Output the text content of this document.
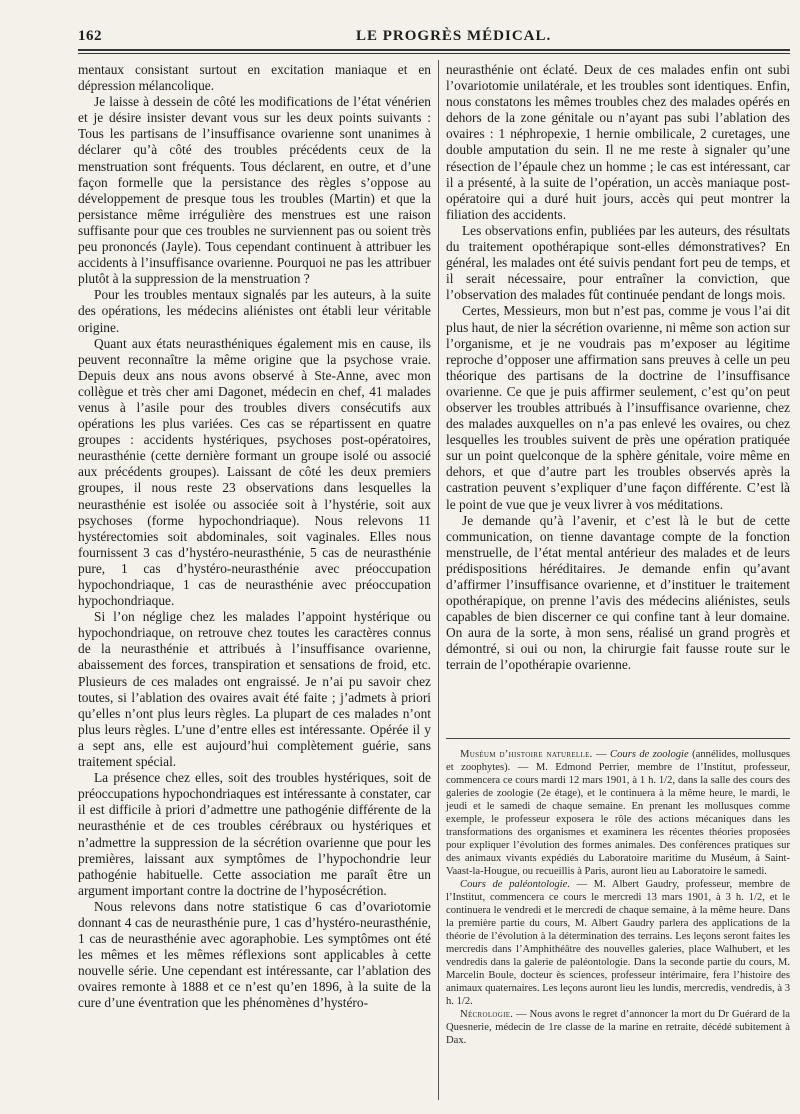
162	LE PROGRÈS MÉDICAL.

mentaux consistant surtout en excitation maniaque et en dépression mélancolique.

Je laisse à dessein de côté les modifications de l’état vénérien et je désire insister devant vous sur les deux points suivants : Tous les partisans de l’insuffisance ovarienne sont unanimes à déclarer qu’à côté des troubles précédents ceux de la menstruation sont fréquents. Tous déclarent, en outre, et d’une façon formelle que la persistance des règles s’oppose au développement de presque tous les troubles (Martin) et que la persistance même irrégulière des menstrues est une raison suffisante pour que ces troubles ne surviennent pas ou soient très peu prononcés (Jayle). Tous cependant continuent à attribuer les accidents à l’insuffisance ovarienne. Pourquoi ne pas les attribuer plutôt à la suppression de la menstruation ?

Pour les troubles mentaux signalés par les auteurs, à la suite des opérations, les médecins aliénistes ont établi leur véritable origine.

Quant aux états neurasthéniques également mis en cause, ils peuvent reconnaître la même origine que la psychose vraie. Depuis deux ans nous avons observé à Ste-Anne, avec mon collègue et très cher ami Dagonet, médecin en chef, 41 malades venus à l’asile pour des troubles divers consécutifs aux opérations les plus variées. Ces cas se répartissent en quatre groupes : accidents hystériques, psychoses post-opératoires, neurasthénie (cette dernière formant un groupe isolé ou associé aux précédents groupes). Laissant de côté les deux premiers groupes, il nous reste 23 observations dans lesquelles la neurasthénie est isolée ou associée soit à l’hystérie, soit aux psychoses (forme hypochondriaque). Nous relevons 11 hystérectomies soit abdominales, soit vaginales. Elles nous fournissent 3 cas d’hystéro-neurasthénie, 5 cas de neurasthénie pure, 1 cas d’hystéro-neurasthénie avec préoccupation hypochondriaque, 1 cas de neurasthénie avec préoccupation hypochondriaque.

Si l’on néglige chez les malades l’appoint hystérique ou hypochondriaque, on retrouve chez toutes les caractères connus de la neurasthénie et attribués à l’insuffisance ovarienne, abaissement des forces, transpiration et sensations de froid, etc. Plusieurs de ces malades ont engraissé. Je n’ai pu savoir chez toutes, si l’ablation des ovaires avait été faite ; j’admets à priori qu’elles n’ont plus leurs règles. La plupart de ces malades n’ont plus leurs règles. L’une d’entre elles est intéressante. Opérée il y a sept ans, elle est aujourd’hui complètement guérie, sans traitement spécial.

La présence chez elles, soit des troubles hystériques, soit de préoccupations hypochondriaques est intéressante à constater, car il est difficile à priori d’admettre une pathogénie différente de la neurasthénie et de ces troubles cérébraux ou hystériques et n’admettre la suppression de la sécrétion ovarienne que pour les premières, laissant aux symptômes de l’hypochondrie leur pathogénie habituelle. Cette association me paraît être un argument important contre la doctrine de l’hyposécrétion.

Nous relevons dans notre statistique 6 cas d’ovariotomie donnant 4 cas de neurasthénie pure, 1 cas d’hystéro-neurasthénie, 1 cas de neurasthénie avec agoraphobie. Les symptômes ont été les mêmes et les mêmes réflexions sont applicables à cette nouvelle série. Une cependant est intéressante, car l’ablation des ovaires remonte à 1888 et ce n’est qu’en 1896, à la suite de la cure d’une éventration que les phénomènes d’hystéro-

neurasthénie ont éclaté. Deux de ces malades enfin ont subi l’ovariotomie unilatérale, et les troubles sont identiques. Enfin, nous constatons les mêmes troubles chez des malades opérés en dehors de la zone génitale ou n’ayant pas subi l’ablation des ovaires : 1 néphropexie, 1 hernie ombilicale, 2 curetages, une double amputation du sein. Il ne me reste à signaler qu’une résection de l’épaule chez un homme ; le cas est intéressant, car il a présenté, à la suite de l’opération, un accès maniaque post-opératoire qui a duré huit jours, accès qui peut montrer la filiation des accidents.

Les observations enfin, publiées par les auteurs, des résultats du traitement opothérapique sont-elles démonstratives? En général, les malades ont été suivis pendant fort peu de temps, et il serait nécessaire, pour entraîner la conviction, que l’observation des malades fût continuée pendant de longs mois.

Certes, Messieurs, mon but n’est pas, comme je vous l’ai dit plus haut, de nier la sécrétion ovarienne, ni même son action sur l’organisme, et je ne voudrais pas m’exposer au légitime reproche d’opposer une affirmation sans preuves à celle un peu théorique des partisans de la doctrine de l’insuffisance ovarienne. Ce que je puis affirmer seulement, c’est qu’on peut observer les troubles attribués à l’insuffisance ovarienne, chez des malades auxquelles on n’a pas enlevé les ovaires, ou chez lesquelles les troubles suivent de près une opération pratiquée sur un point quelconque de la sphère génitale, voire même en dehors, et que d’autre part les troubles observés après la castration peuvent s’expliquer d’une façon différente. C’est là le point de vue que je veux livrer à vos méditations.

Je demande qu’à l’avenir, et c’est là le but de cette communication, on tienne davantage compte de la fonction menstruelle, de l’état mental antérieur des malades et de leurs prédispositions héréditaires. Je demande enfin qu’avant d’affirmer l’insuffisance ovarienne, et d’instituer le traitement opothérapique, on prenne l’avis des médecins aliénistes, seuls capables de bien discerner ce qui confine tant à leur domaine. On aura de la sorte, à mon sens, réalisé un grand progrès et démontré, si oui ou non, la chirurgie fait fausse route sur le terrain de l’opothérapie ovarienne.

Muséum d’histoire naturelle. — Cours de zoologie (annélides, mollusques et zoophytes). — M. Edmond Perrier, membre de l’Institut, professeur, commencera ce cours mardi 12 mars 1901, à 1 h. 1/2, dans la salle des cours des galeries de zoologie (2e étage), et le continuera à la même heure, le mardi, le jeudi et le samedi de chaque semaine. En prenant les mollusques comme exemple, le professeur exposera le rôle des actions mécaniques dans les transformations des organismes et examinera les récentes théories proposées pour expliquer l’évolution des formes animales. Des conférences pratiques sur des animaux vivants expédiés du Laboratoire maritime du Muséum, à Saint-Vaast-la-Hougue, ou recueillis à Paris, auront lieu au Laboratoire le samedi.

Cours de paléontologie. — M. Albert Gaudry, professeur, membre de l’Institut, commencera ce cours le mercredi 13 mars 1901, à 3 h. 1/2, et le continuera le vendredi et le mercredi de chaque semaine, à la même heure. Dans la première partie du cours, M. Albert Gaudry parlera des applications de la théorie de l’évolution à la détermination des terrains. Les leçons seront faites les mercredis dans l’Amphithéâtre des nouvelles galeries, place Walhubert, et les vendredis dans la galerie de paléontologie. Dans la seconde partie du cours, M. Marcelin Boule, docteur ès sciences, professeur intérimaire, fera l’histoire des animaux quaternaires. Les leçons auront lieu les lundis, mercredis, vendredis, à 3 h. 1/2.

Nécrologie. — Nous avons le regret d’annoncer la mort du Dr Guérard de la Quesnerie, médecin de 1re classe de la marine en retraite, décédé subitement à Dax.
